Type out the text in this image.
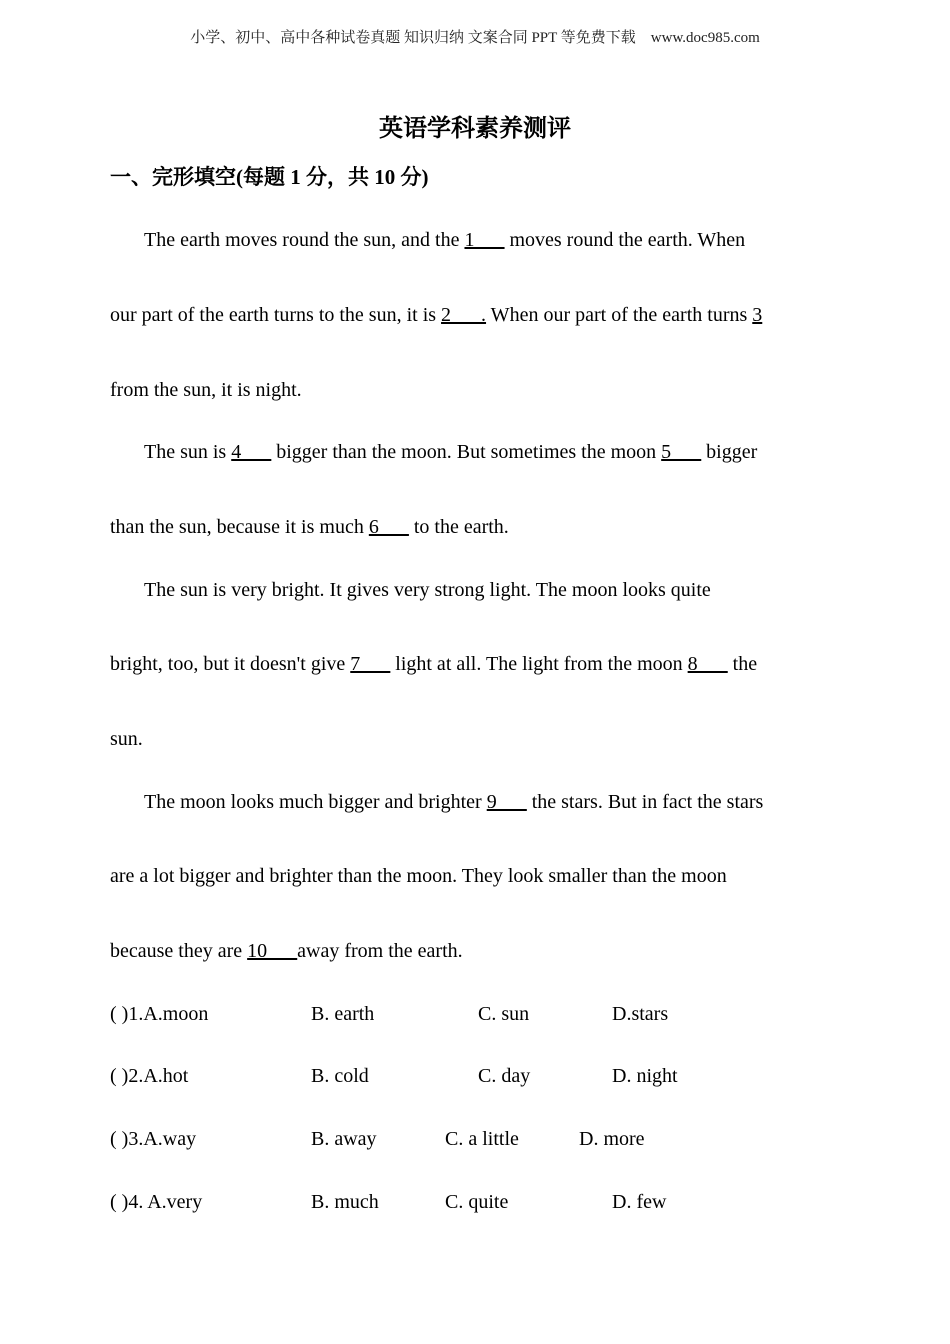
小学、初中、高中各种试卷真题 知识归纳 文案合同 PPT 等免费下载 www.doc985.com
英语学科素养测评
一、完形填空(每题 1 分，共 10 分)
The earth moves round the sun, and the 1___ moves round the earth. When
our part of the earth turns to the sun, it is 2___. When our part of the earth turns 3
from the sun, it is night.
The sun is 4___ bigger than the moon. But sometimes the moon 5___ bigger
than the sun, because it is much 6___ to the earth.
The sun is very bright. It gives very strong light. The moon looks quite
bright, too, but it doesn't give 7___ light at all. The light from the moon 8___ the
sun.
The moon looks much bigger and brighter 9___ the stars. But in fact the stars
are a lot bigger and brighter than the moon. They look smaller than the moon
because they are 10___away from the earth.
( )1.A.moon	B. earth	C. sun	D.stars
( )2.A.hot	B. cold	C. day	D. night
( )3.A.way	B. away	C. a little	D. more
( )4. A.very	B. much	C. quite	D. few
